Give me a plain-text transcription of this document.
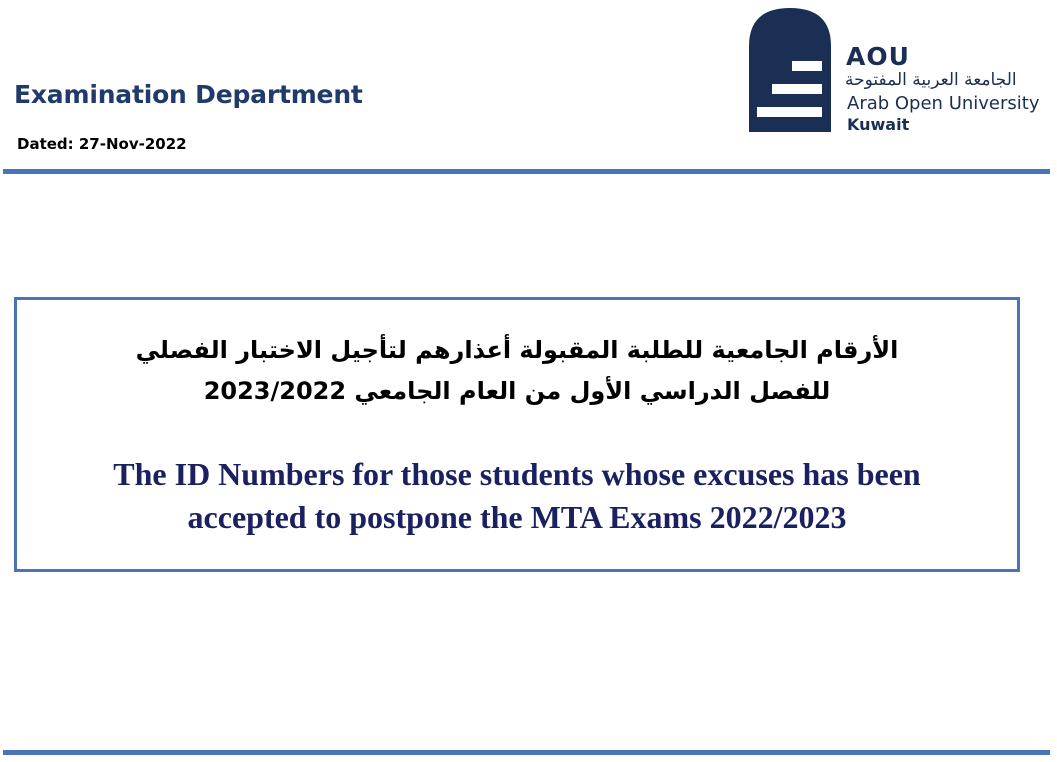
Examination Department
Dated: 27-Nov-2022
AOU
الجامعة العربية المفتوحة
Arab Open University
Kuwait
الأرقام الجامعية للطلبة المقبولة أعذارهم لتأجيل الاختبار الفصلي
للفصل الدراسي الأول من العام الجامعي 2023/2022
The ID Numbers for those students whose excuses has been
accepted to postpone the MTA Exams 2022/2023
